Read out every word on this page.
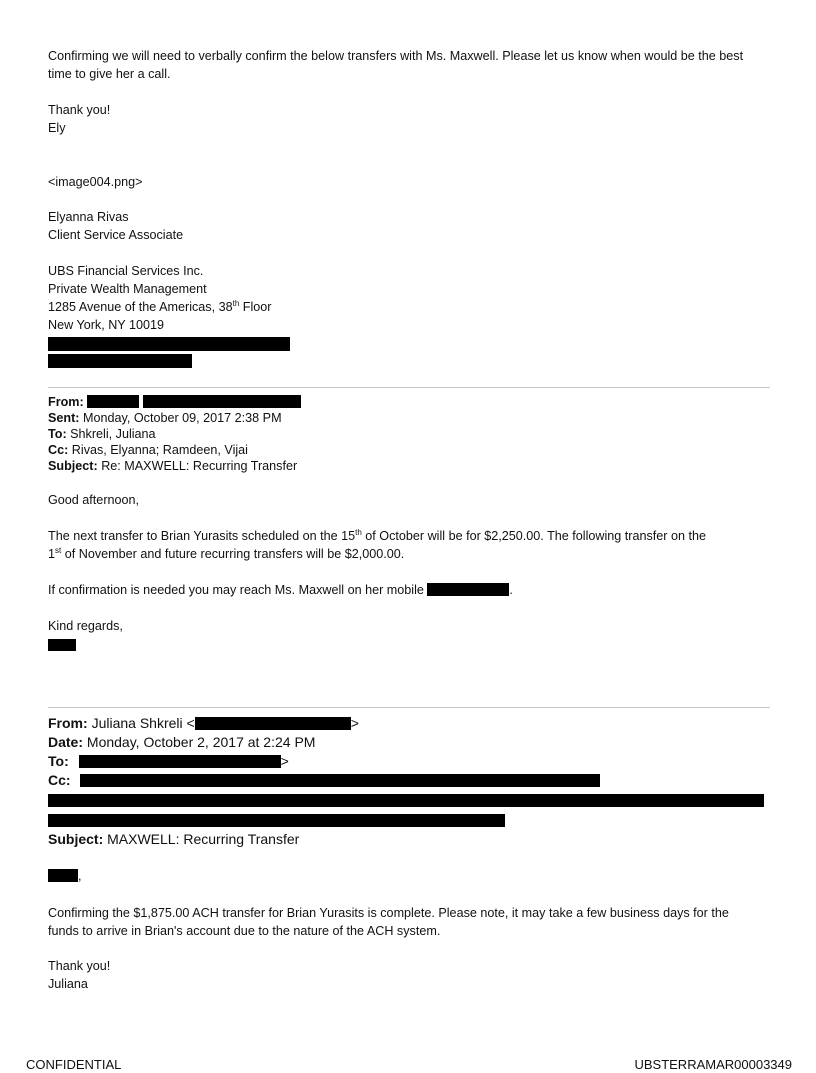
Confirming we will need to verbally confirm the below transfers with Ms. Maxwell. Please let us know when would be the best time to give her a call.
Thank you!
Ely
<image004.png>
Elyanna Rivas
Client Service Associate
UBS Financial Services Inc.
Private Wealth Management
1285 Avenue of the Americas, 38th Floor
New York, NY 10019
From:
Sent: Monday, October 09, 2017 2:38 PM
To: Shkreli, Juliana
Cc: Rivas, Elyanna; Ramdeen, Vijai
Subject: Re: MAXWELL: Recurring Transfer
Good afternoon,
The next transfer to Brian Yurasits scheduled on the 15th of October will be for $2,250.00. The following transfer on the
1st of November and future recurring transfers will be $2,000.00.
If confirmation is needed you may reach Ms. Maxwell on her mobile	.
Kind regards,
From: Juliana Shkreli <	>
Date: Monday, October 2, 2017 at 2:24 PM
To:	>
Cc:
Subject: MAXWELL: Recurring Transfer
,
Confirming the $1,875.00 ACH transfer for Brian Yurasits is complete. Please note, it may take a few business days for the funds to arrive in Brian's account due to the nature of the ACH system.
Thank you!
Juliana
CONFIDENTIAL	UBSTERRAMAR00003349
